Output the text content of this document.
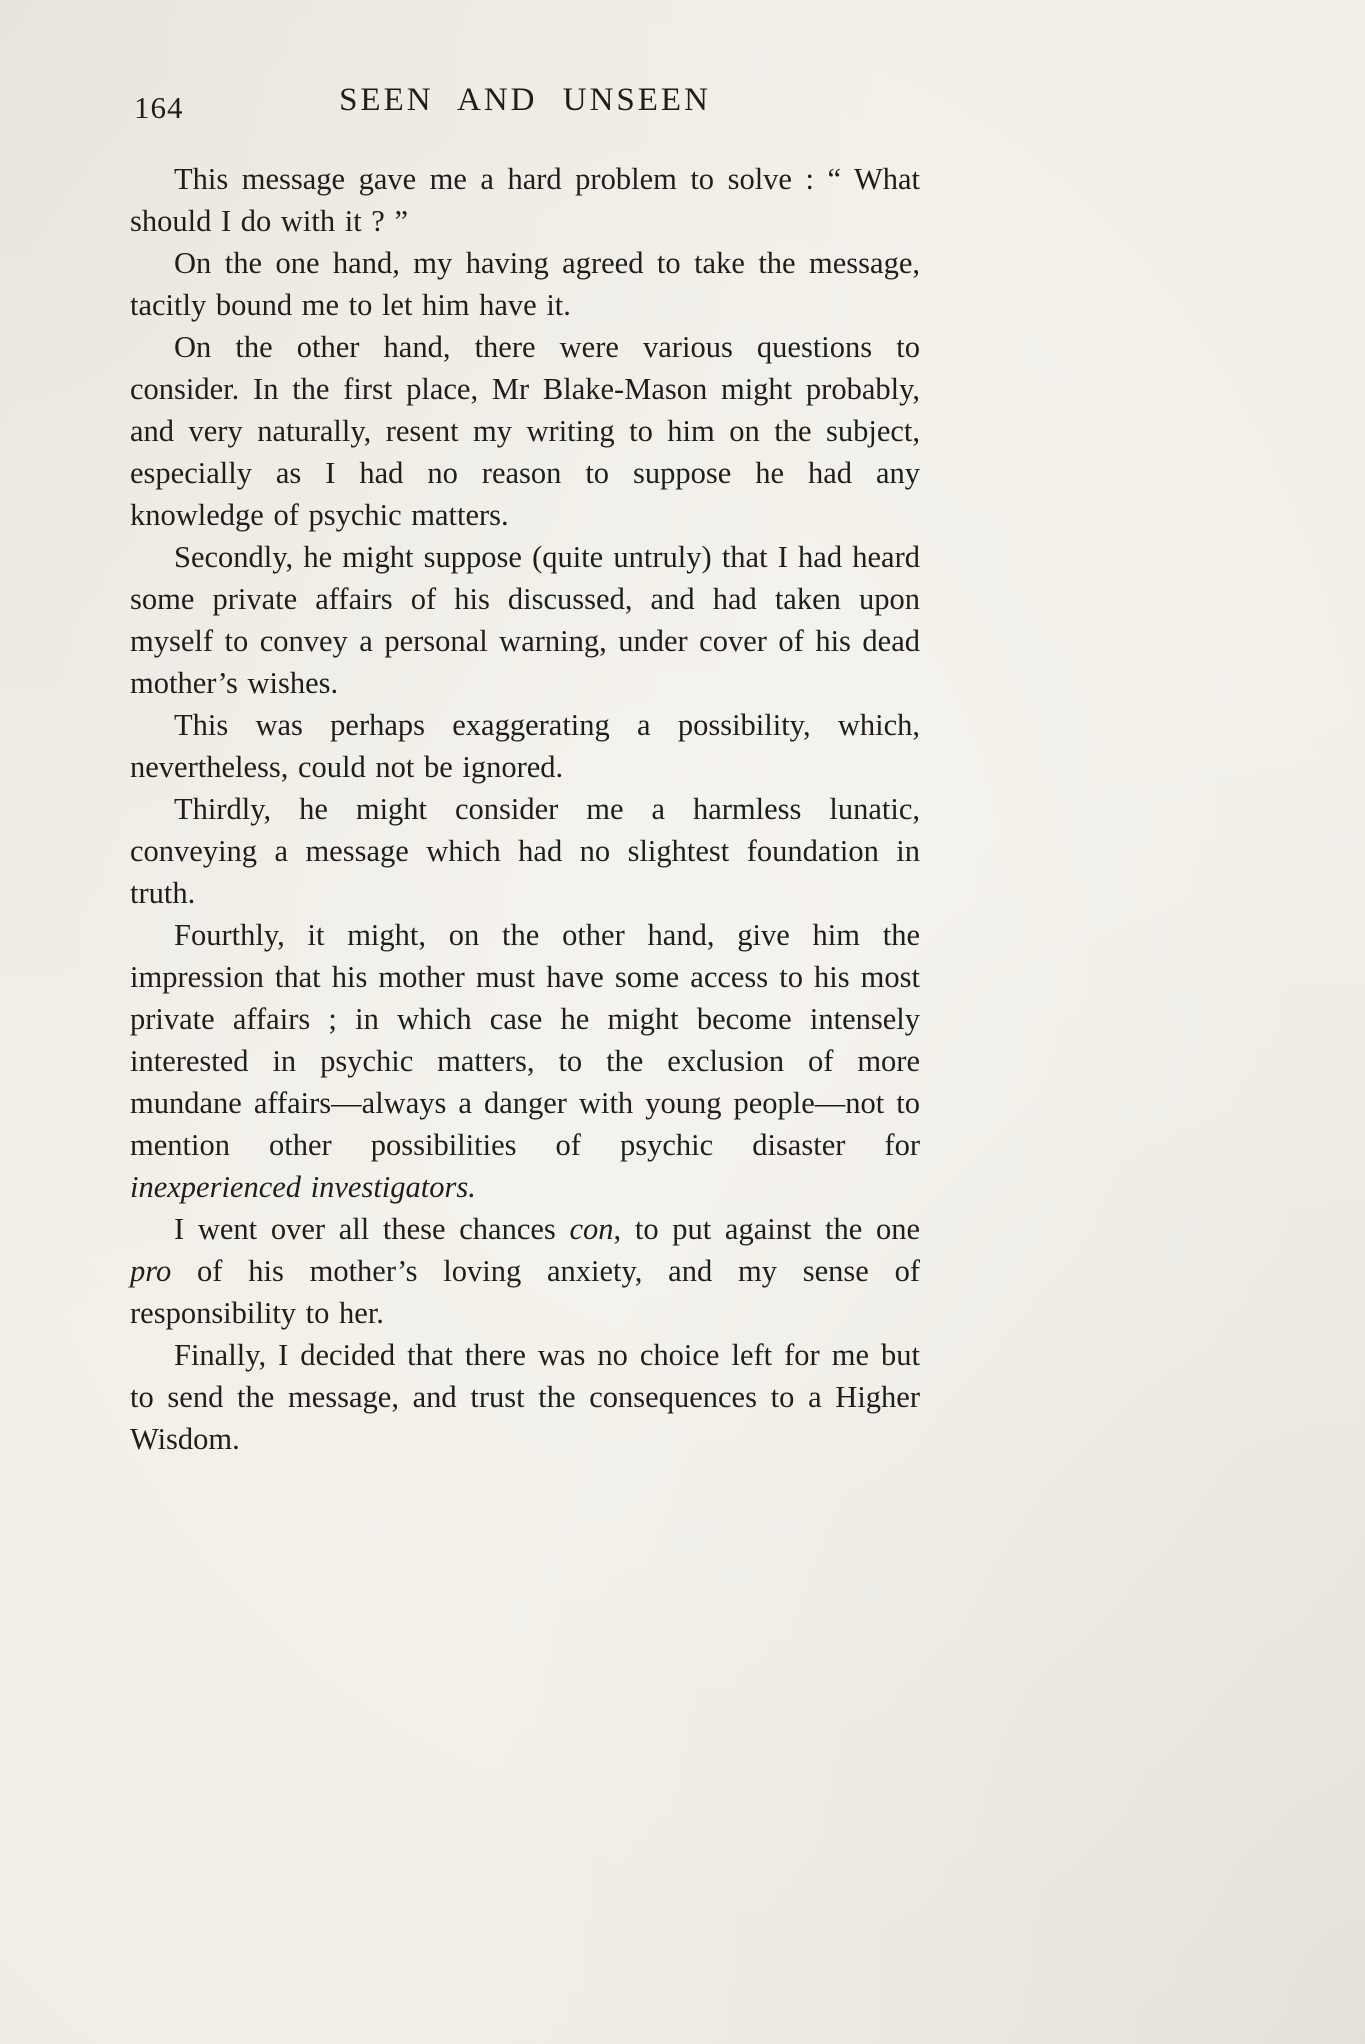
164	SEEN AND UNSEEN

This message gave me a hard problem to solve : “ What should I do with it ? ”

On the one hand, my having agreed to take the message, tacitly bound me to let him have it.

On the other hand, there were various questions to consider. In the first place, Mr Blake-Mason might probably, and very naturally, resent my writing to him on the subject, especially as I had no reason to suppose he had any knowledge of psychic matters.

Secondly, he might suppose (quite untruly) that I had heard some private affairs of his discussed, and had taken upon myself to convey a personal warning, under cover of his dead mother’s wishes.

This was perhaps exaggerating a possibility, which, nevertheless, could not be ignored.

Thirdly, he might consider me a harmless lunatic, conveying a message which had no slightest foundation in truth.

Fourthly, it might, on the other hand, give him the impression that his mother must have some access to his most private affairs ; in which case he might become intensely interested in psychic matters, to the exclusion of more mundane affairs—always a danger with young people—not to mention other possibilities of psychic disaster for inexperienced investigators.

I went over all these chances con, to put against the one pro of his mother’s loving anxiety, and my sense of responsibility to her.

Finally, I decided that there was no choice left for me but to send the message, and trust the consequences to a Higher Wisdom.
